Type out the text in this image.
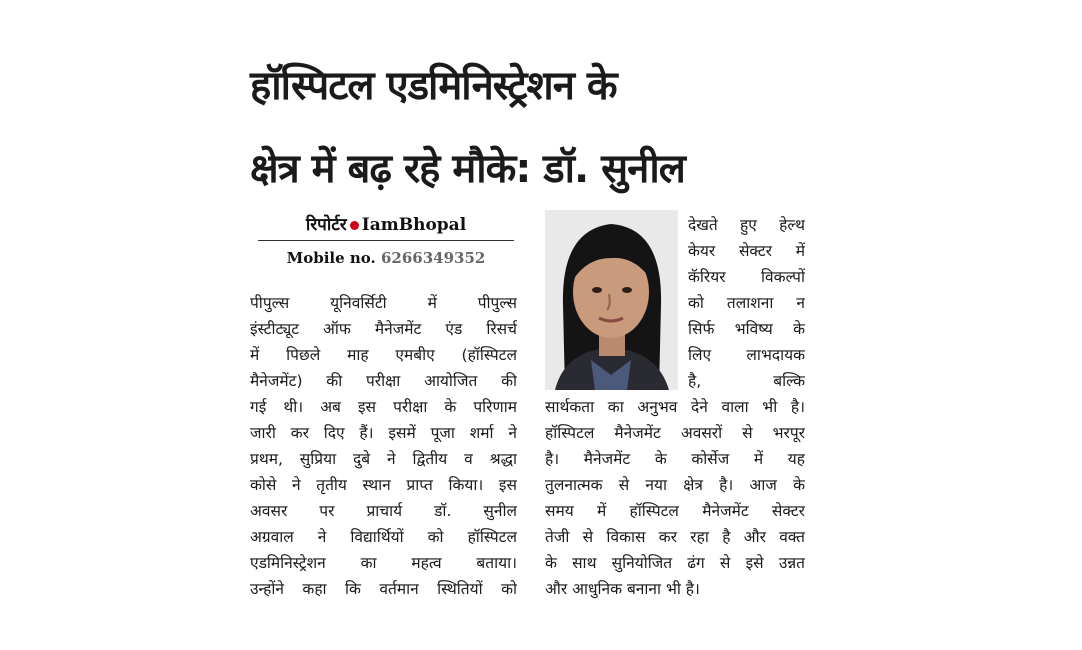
हॉस्पिटल एडमिनिस्ट्रेशन के
क्षेत्र में बढ़ रहे मौके: डॉ. सुनील
रिपोर्टर IamBhopal
Mobile no. 6266349352

पीपुल्स यूनिवर्सिटी में पीपुल्स

इंस्टीट्यूट ऑफ मैनेजमेंट एंड रिसर्च

में पिछले माह एमबीए (हॉस्पिटल

मैनेजमेंट) की परीक्षा आयोजित की

गई थी। अब इस परीक्षा के परिणाम

जारी कर दिए हैं। इसमें पूजा शर्मा ने

प्रथम, सुप्रिया दुबे ने द्वितीय व श्रद्धा

कोसे ने तृतीय स्थान प्राप्त किया। इस

अवसर पर प्राचार्य डॉ. सुनील

अग्रवाल ने विद्यार्थियों को हॉस्पिटल

एडमिनिस्ट्रेशन का महत्व बताया।

उन्होंने कहा कि वर्तमान स्थितियों को

देखते हुए हेल्थ

केयर सेक्टर में

कॅरियर विकल्पों

को तलाशना न

सिर्फ भविष्य के

लिए लाभदायक

है, बल्कि

सार्थकता का अनुभव देने वाला भी है।

हॉस्पिटल मैनेजमेंट अवसरों से भरपूर

है। मैनेजमेंट के कोर्सेज में यह

तुलनात्मक से नया क्षेत्र है। आज के

समय में हॉस्पिटल मैनेजमेंट सेक्टर

तेजी से विकास कर रहा है और वक्त

के साथ सुनियोजित ढंग से इसे उन्नत

और आधुनिक बनाना भी है।
